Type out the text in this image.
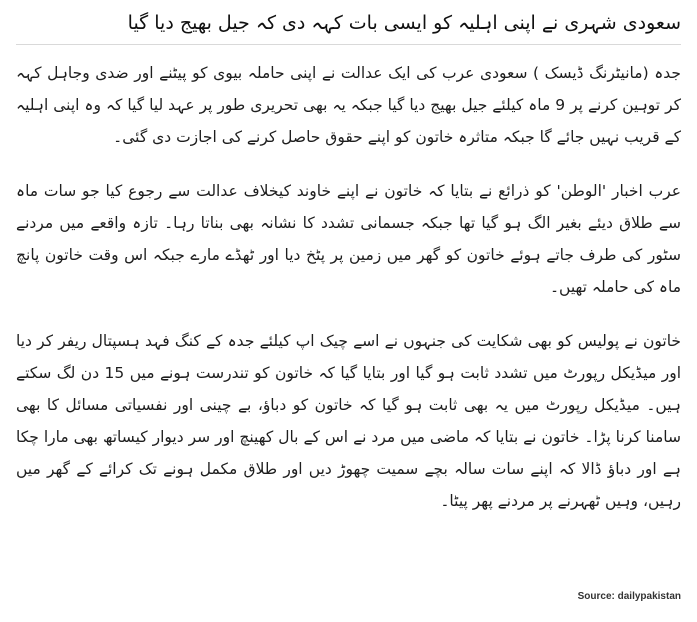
سعودی شہری نے اپنی اہلیہ کو ایسی بات کہہ دی کہ جیل بھیج دیا گیا

جدہ (مانیٹرنگ ڈیسک ) سعودی عرب کی ایک عدالت نے اپنی حاملہ بیوی کو پیٹنے اور ضدی وجاہل کہہ کر توہین کرنے پر 9 ماہ کیلئے جیل بھیج دیا گیا جبکہ یہ بھی تحریری طور پر عہد لیا گیا کہ وہ اپنی اہلیہ کے قریب نہیں جائے گا جبکہ متاثرہ خاتون کو اپنے حقوق حاصل کرنے کی اجازت دی گئی۔

عرب اخبار 'الوطن' کو ذرائع نے بتایا کہ خاتون نے اپنے خاوند کیخلاف عدالت سے رجوع کیا جو سات ماہ سے طلاق دیئے بغیر الگ ہو گیا تھا جبکہ جسمانی تشدد کا نشانہ بھی بناتا رہا۔ تازہ واقعے میں مردنے سٹور کی طرف جاتے ہوئے خاتون کو گھر میں زمین پر پٹخ دیا اور ٹھڈے مارے جبکہ اس وقت خاتون پانچ ماہ کی حاملہ تھیں۔

خاتون نے پولیس کو بھی شکایت کی جنہوں نے اسے چیک اپ کیلئے جدہ کے کنگ فہد ہسپتال ریفر کر دیا اور میڈیکل رپورٹ میں تشدد ثابت ہو گیا اور بتایا گیا کہ خاتون کو تندرست ہونے میں 15 دن لگ سکتے ہیں۔ میڈیکل رپورٹ میں یہ بھی ثابت ہو گیا کہ خاتون کو دباؤ، بے چینی اور نفسیاتی مسائل کا بھی سامنا کرنا پڑا۔ خاتون نے بتایا کہ ماضی میں مرد نے اس کے بال کھینچ اور سر دیوار کیساتھ بھی مارا چکا ہے اور دباؤ ڈالا کہ اپنے سات سالہ بچے سمیت چھوڑ دیں اور طلاق مکمل ہونے تک کرائے کے گھر میں رہیں، وہیں ٹھہرنے پر مردنے پھر پیٹا۔

Source: dailypakistan
